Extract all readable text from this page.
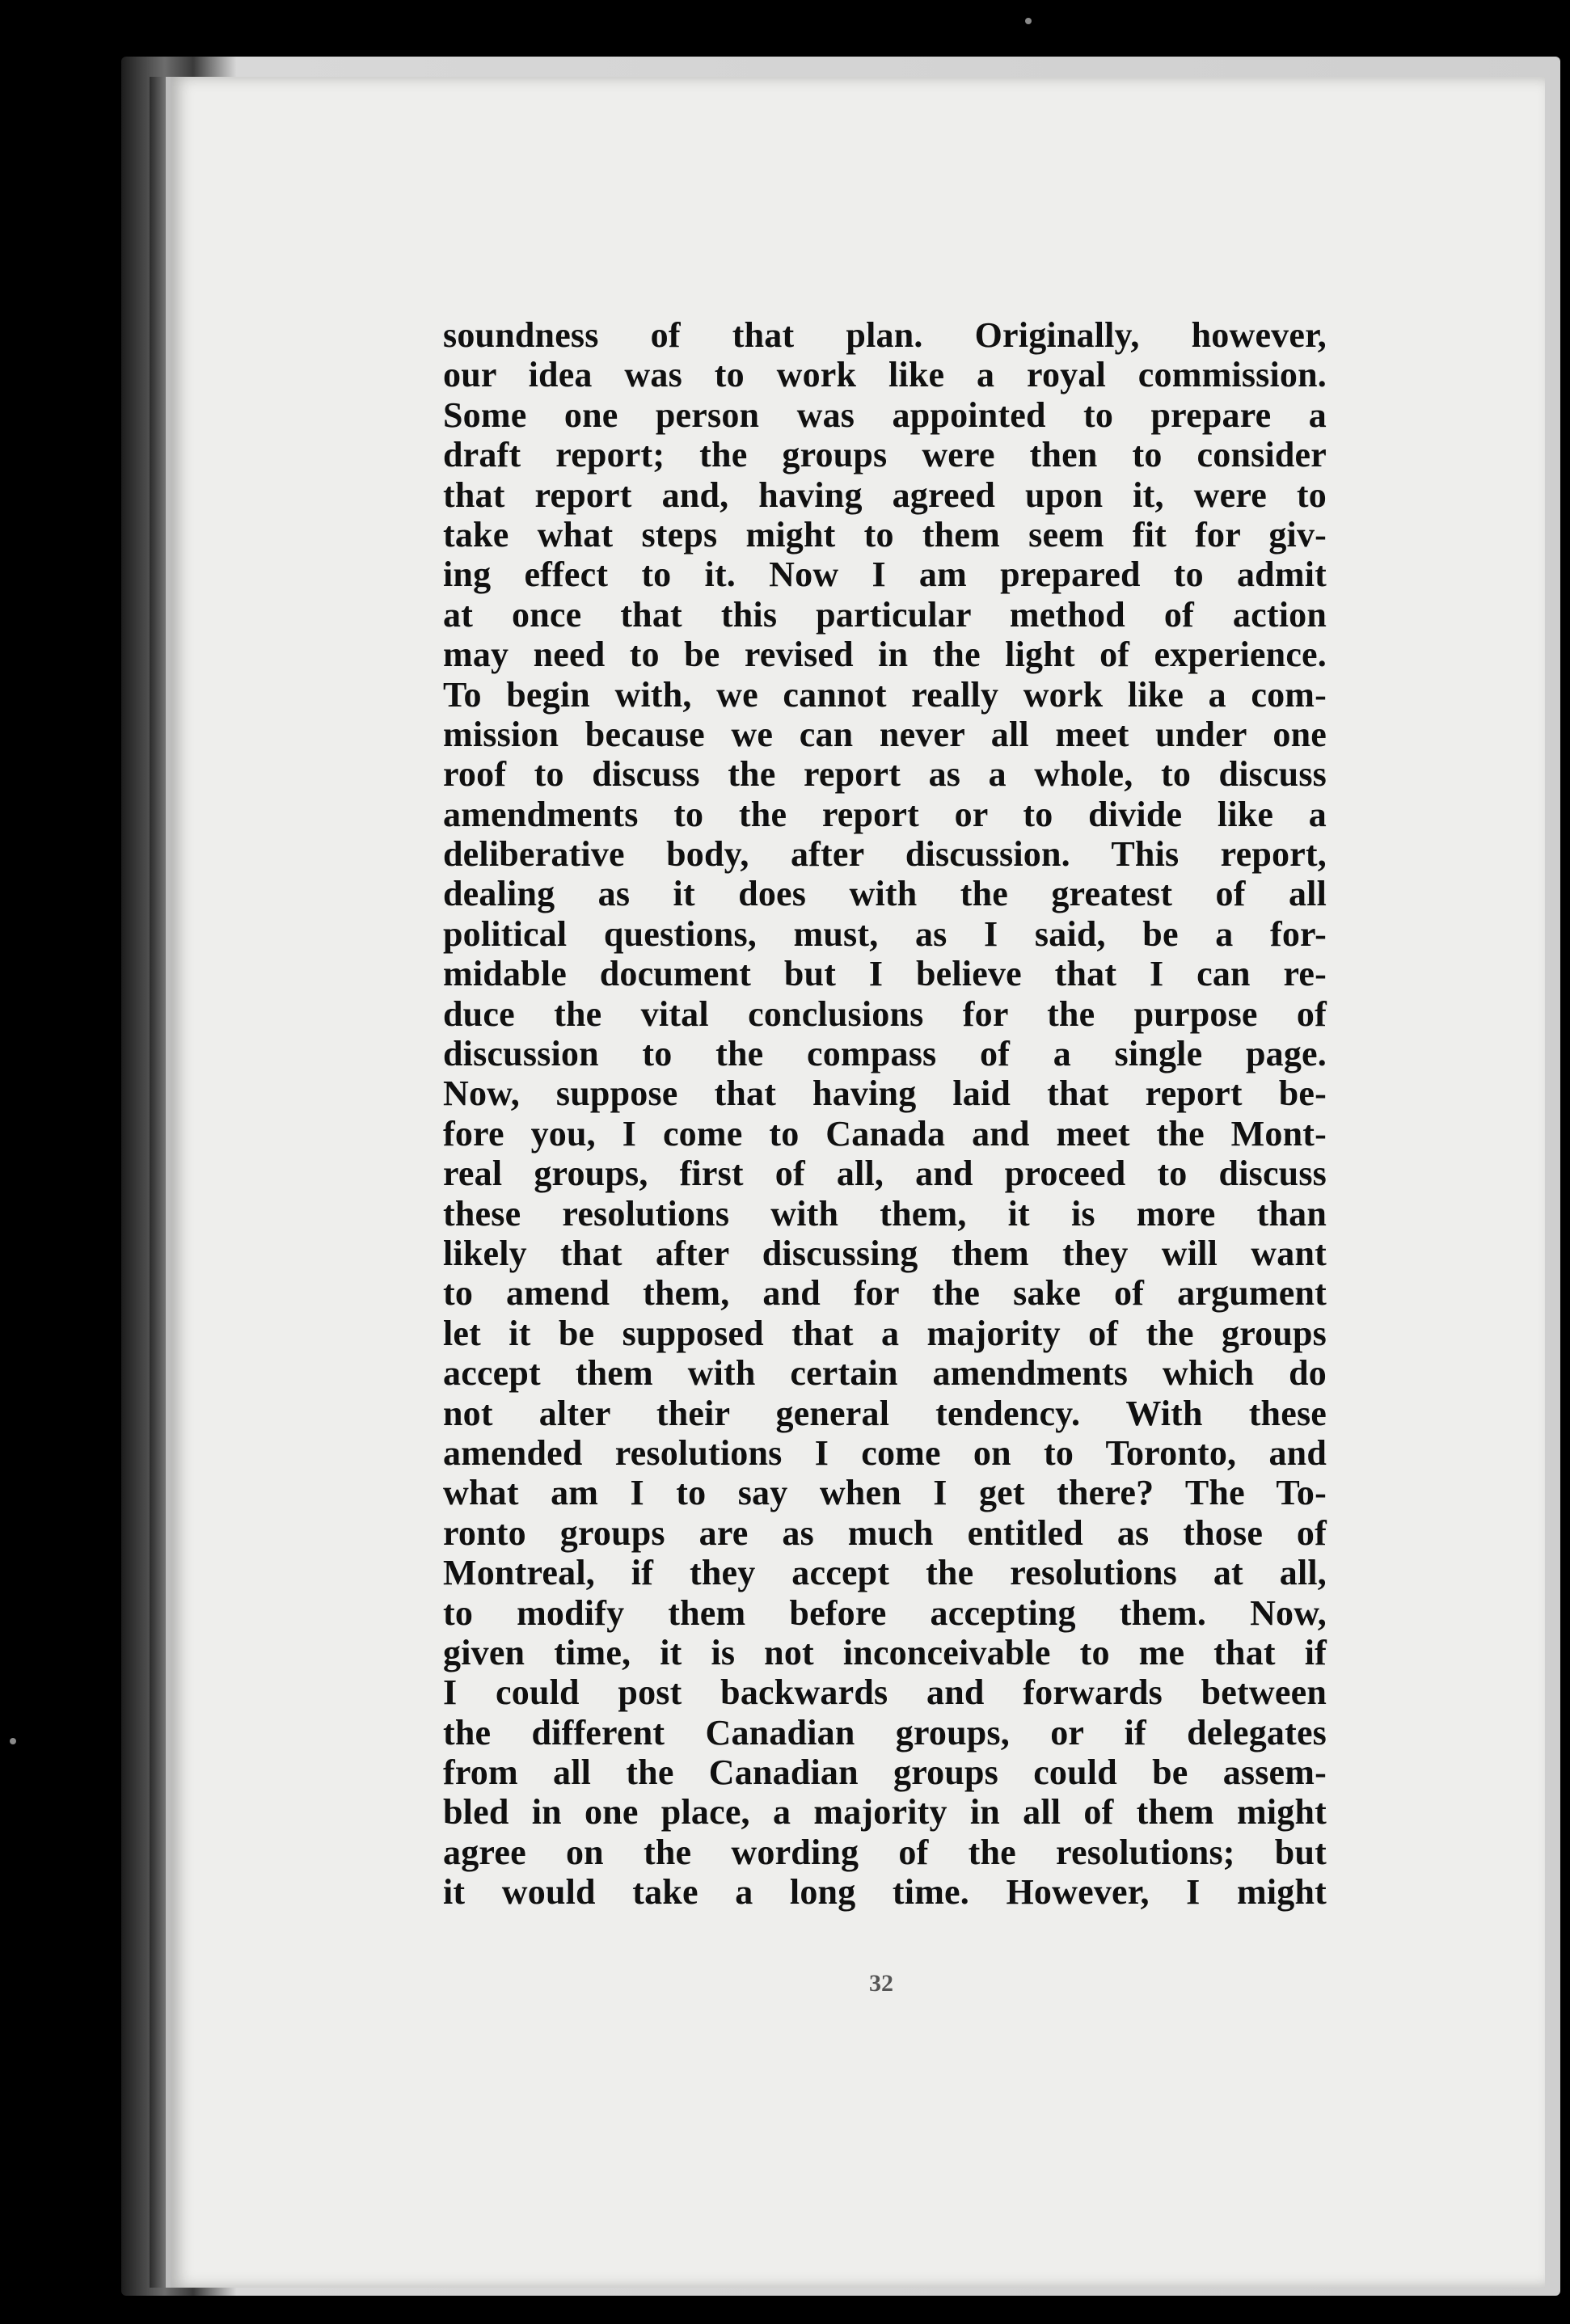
soundness of that plan. Originally, however,
our idea was to work like a royal commission.
Some one person was appointed to prepare a
draft report; the groups were then to consider
that report and, having agreed upon it, were to
take what steps might to them seem fit for giv-
ing effect to it. Now I am prepared to admit
at once that this particular method of action
may need to be revised in the light of experience.
To begin with, we cannot really work like a com-
mission because we can never all meet under one
roof to discuss the report as a whole, to discuss
amendments to the report or to divide like a
deliberative body, after discussion. This report,
dealing as it does with the greatest of all
political questions, must, as I said, be a for-
midable document but I believe that I can re-
duce the vital conclusions for the purpose of
discussion to the compass of a single page.
Now, suppose that having laid that report be-
fore you, I come to Canada and meet the Mont-
real groups, first of all, and proceed to discuss
these resolutions with them, it is more than
likely that after discussing them they will want
to amend them, and for the sake of argument
let it be supposed that a majority of the groups
accept them with certain amendments which do
not alter their general tendency. With these
amended resolutions I come on to Toronto, and
what am I to say when I get there? The To-
ronto groups are as much entitled as those of
Montreal, if they accept the resolutions at all,
to modify them before accepting them. Now,
given time, it is not inconceivable to me that if
I could post backwards and forwards between
the different Canadian groups, or if delegates
from all the Canadian groups could be assem-
bled in one place, a majority in all of them might
agree on the wording of the resolutions; but
it would take a long time. However, I might
32
